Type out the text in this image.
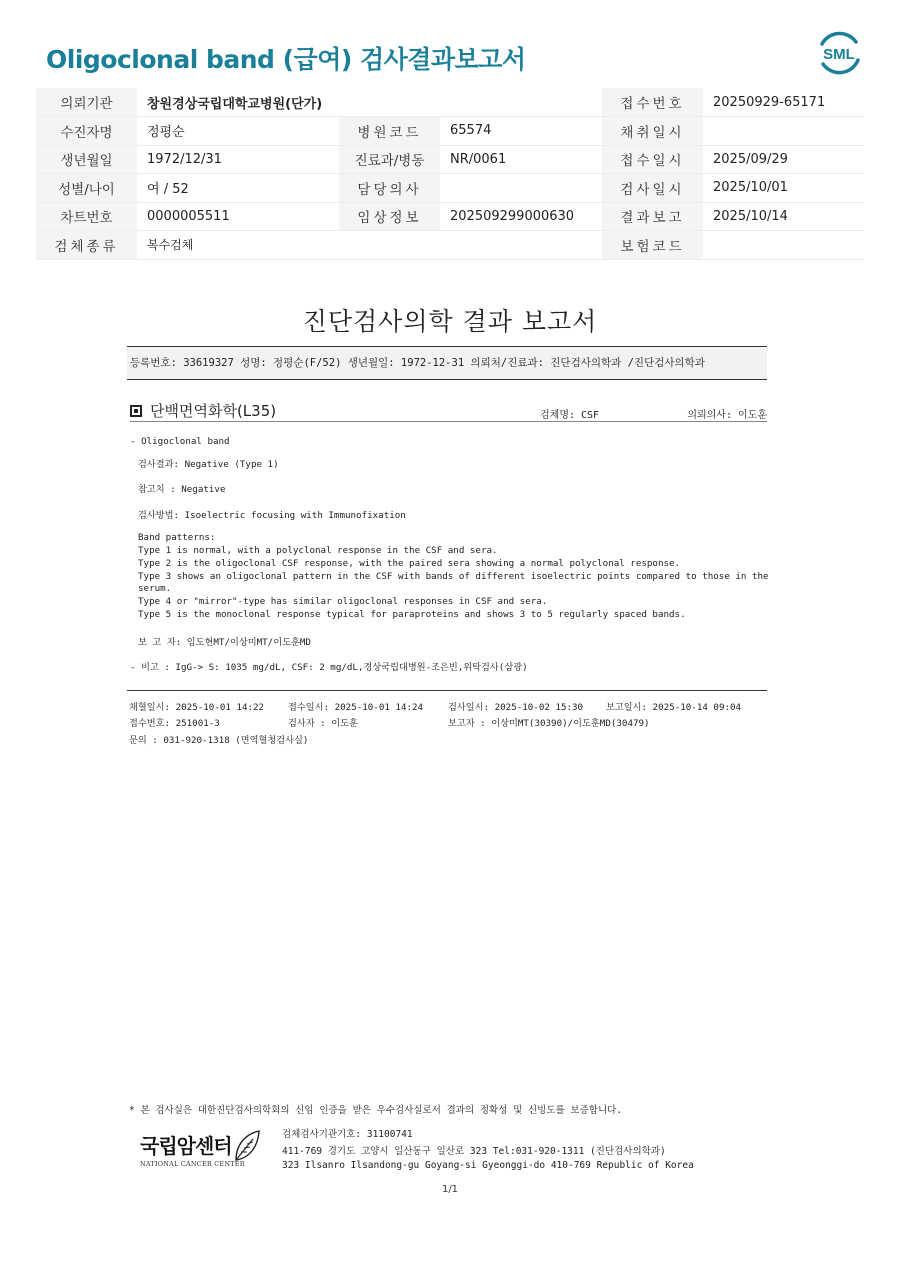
Oligoclonal band (급여) 검사결과보고서	SML
의뢰기관	창원경상국립대학교병원(단가)			접수번호	20250929-65171
수진자명	정평순	병원코드	65574	채취일시	
생년월일	1972/12/31	진료과/병동	NR/0061	접수일시	2025/09/29
성별/나이	여 / 52	담당의사		검사일시	2025/10/01
차트번호	0000005511	임상정보	202509299000630	결과보고	2025/10/14
검체종류	복수검체			보험코드	
진단검사의학 결과 보고서
등록번호: 33619327 성명: 정평순(F/52) 생년월일: 1972-12-31 의뢰처/진료과: 진단검사의학과 /진단검사의학과
단백면역화학(L35)	검체명: CSF	의뢰의사: 이도훈
- Oligoclonal band
검사결과: Negative (Type 1)
참고치 : Negative
검사방법: Isoelectric focusing with Immunofixation
Band patterns:
Type 1 is normal, with a polyclonal response in the CSF and sera.
Type 2 is the oligoclonal CSF response, with the paired sera showing a normal polyclonal response.
Type 3 shows an oligoclonal pattern in the CSF with bands of different isoelectric points compared to those in the
serum.
Type 4 or "mirror"-type has similar oligoclonal responses in CSF and sera.
Type 5 is the monoclonal response typical for paraproteins and shows 3 to 5 regularly spaced bands.
보 고 자: 임도현MT/이상미MT/이도훈MD
- 비고 : IgG-> S: 1035 mg/dL, CSF: 2 mg/dL,경상국립대병원-조은빈,위탁검사(삼광)
채혈일시: 2025-10-01 14:22	접수일시: 2025-10-01 14:24	검사일시: 2025-10-02 15:30 보고일시: 2025-10-14 09:04
접수번호: 251001-3	검사자 : 이도훈	보고자 : 이상미MT(30390)/이도훈MD(30479)
문의 : 031-920-1318 (면역혈청검사실)
* 본 검사실은 대한진단검사의학회의 신임 인증을 받은 우수검사실로서 결과의 정확성 및 신빙도를 보증합니다.
국립암센터
NATIONAL CANCER CENTER
검체검사기관기호: 31100741
411-769 경기도 고양시 일산동구 일산로 323 Tel:031-920-1311 (진단검사의학과)
323 Ilsanro Ilsandong-gu Goyang-si Gyeonggi-do 410-769 Republic of Korea
1/1
